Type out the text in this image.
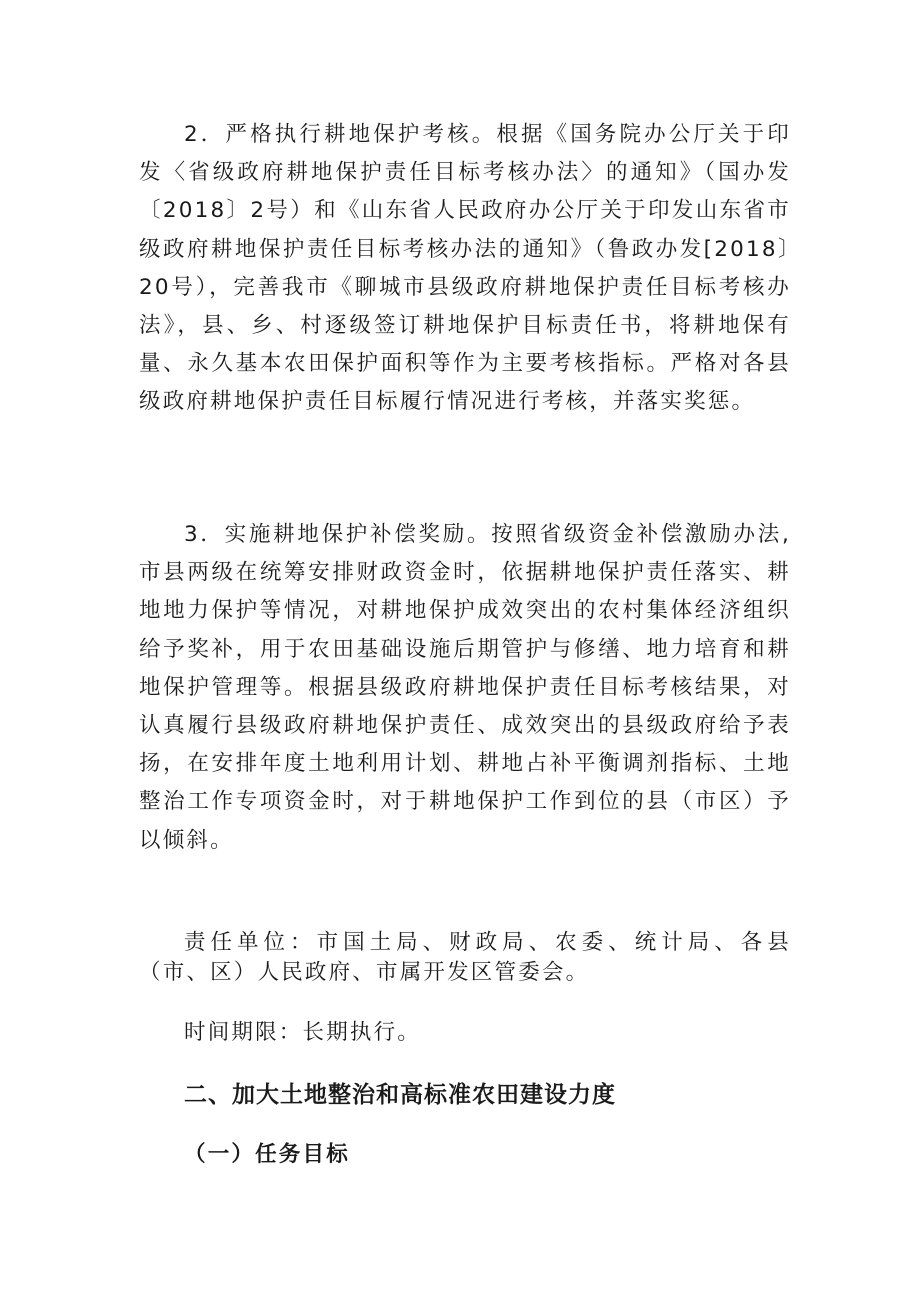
2．严格执行耕地保护考核。根据《国务院办公厅关于印发〈省级政府耕地保护责任目标考核办法〉的通知》（国办发〔2018〕2号）和《山东省人民政府办公厅关于印发山东省市级政府耕地保护责任目标考核办法的通知》（鲁政办发[2018〕20号），完善我市《聊城市县级政府耕地保护责任目标考核办法》，县、乡、村逐级签订耕地保护目标责任书，将耕地保有量、永久基本农田保护面积等作为主要考核指标。严格对各县级政府耕地保护责任目标履行情况进行考核，并落实奖惩。

3．实施耕地保护补偿奖励。按照省级资金补偿激励办法,市县两级在统筹安排财政资金时，依据耕地保护责任落实、耕地地力保护等情况，对耕地保护成效突出的农村集体经济组织给予奖补，用于农田基础设施后期管护与修缮、地力培育和耕地保护管理等。根据县级政府耕地保护责任目标考核结果，对认真履行县级政府耕地保护责任、成效突出的县级政府给予表扬，在安排年度土地利用计划、耕地占补平衡调剂指标、土地整治工作专项资金时，对于耕地保护工作到位的县（市区）予以倾斜。

责任单位：市国土局、财政局、农委、统计局、各县（市、区）人民政府、市属开发区管委会。

时间期限：长期执行。

二、加大土地整治和高标准农田建设力度
（一）任务目标
